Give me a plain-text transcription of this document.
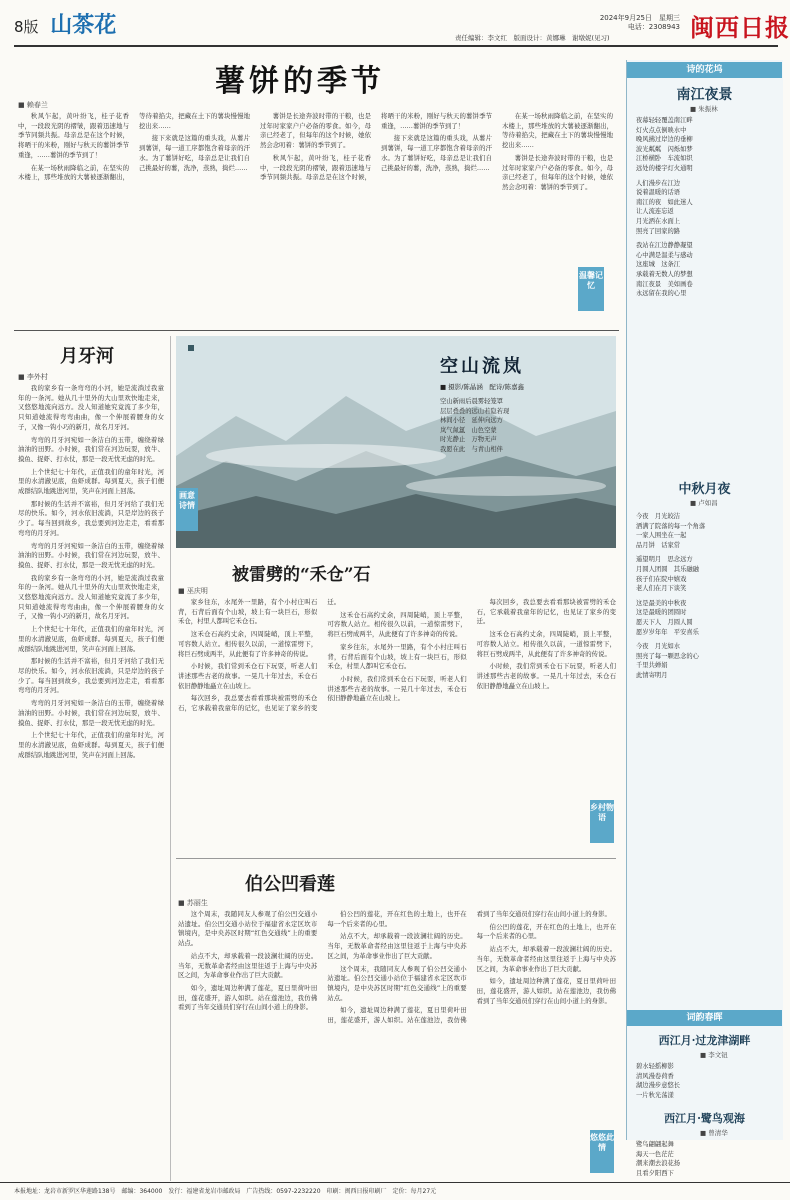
8版 山茶花	2024年9月25日　星期三
电话：2308943
责任编辑：李文红　版面设计：黄娜琳　谢墩妮(见习)	闽西日报
薯饼的季节
■ 赖春兰

秋风乍起，黄叶纷飞，桂子花香中，一段段光阴的褶皱，跟着迅速地与季节同频共振。母亲总是在这个时候，将晒干的米粉，刚好与秋天的薯饼季节重逢，……薯饼的季节到了！

在某一场秋雨降临之前，在坚实的木楼上，那些堆放的大薯被逐渐翻出，等待着掐尖，把藏在土下的薯块慢慢地挖出来……

接下来就是这篇的重头戏，从薯片到薯饼，每一道工序都饱含着母亲的汗水。为了薯饼好吃，母亲总是让我们自己挑最好的薯，洗净，蒸熟，捣烂……

薯饼是长途奔波时带的干粮，也是过年时家家户户必备的零食。如今，母亲已经老了，但每年的这个时候，她依然会念叨着：薯饼的季节到了。

秋风乍起，黄叶纷飞，桂子花香中，一段段光阴的褶皱，跟着迅速地与季节同频共振。母亲总是在这个时候，将晒干的米粉，刚好与秋天的薯饼季节重逢，……薯饼的季节到了！

接下来就是这篇的重头戏，从薯片到薯饼，每一道工序都饱含着母亲的汗水。为了薯饼好吃，母亲总是让我们自己挑最好的薯，洗净，蒸熟，捣烂……

在某一场秋雨降临之前，在坚实的木楼上，那些堆放的大薯被逐渐翻出，等待着掐尖，把藏在土下的薯块慢慢地挖出来……

薯饼是长途奔波时带的干粮，也是过年时家家户户必备的零食。如今，母亲已经老了，但每年的这个时候，她依然会念叨着：薯饼的季节到了。

温馨记忆
月牙河
■ 李外村

我的家乡有一条弯弯的小河，她是流淌过我童年的一条河。她从几十里外的大山里欢快地走来，又悠悠地流向远方。没人知道她究竟流了多少年，只知道她流得弯弯曲曲，像一个伸展着腰身的女子，又像一钩小巧的新月，故名月牙河。

弯弯的月牙河宛如一条洁白的玉带，缠绕着绿油油的田野。小时候，我们常在河边玩耍，放牛、摸鱼、捉虾、打水仗，那是一段无忧无虑的时光。

上个世纪七十年代，正值我们的童年时光，河里的水清澈见底，鱼虾成群。每到夏天，孩子们便成群结队地跳进河里，笑声在河面上回荡。

那时候的生活并不富裕，但月牙河给了我们无尽的快乐。如今，河水依旧流淌，只是岸边的孩子少了。每当回到故乡，我总要到河边走走，看看那弯弯的月牙河。

弯弯的月牙河宛如一条洁白的玉带，缠绕着绿油油的田野。小时候，我们常在河边玩耍，放牛、摸鱼、捉虾、打水仗，那是一段无忧无虑的时光。

我的家乡有一条弯弯的小河，她是流淌过我童年的一条河。她从几十里外的大山里欢快地走来，又悠悠地流向远方。没人知道她究竟流了多少年，只知道她流得弯弯曲曲，像一个伸展着腰身的女子，又像一钩小巧的新月，故名月牙河。

上个世纪七十年代，正值我们的童年时光，河里的水清澈见底，鱼虾成群。每到夏天，孩子们便成群结队地跳进河里，笑声在河面上回荡。

那时候的生活并不富裕，但月牙河给了我们无尽的快乐。如今，河水依旧流淌，只是岸边的孩子少了。每当回到故乡，我总要到河边走走，看看那弯弯的月牙河。

弯弯的月牙河宛如一条洁白的玉带，缠绕着绿油油的田野。小时候，我们常在河边玩耍，放牛、摸鱼、捉虾、打水仗，那是一段无忧无虑的时光。

上个世纪七十年代，正值我们的童年时光，河里的水清澈见底，鱼虾成群。每到夏天，孩子们便成群结队地跳进河里，笑声在河面上回荡。

画意诗情
空山流岚
■ 摄影/陈晶涵　配诗/陈嘉鑫
空山新雨后晨雾轻笼罩
层层叠叠的远山若隐若现
林间小径　延伸向远方
岚气氤氲　山色空蒙
时光静止　万物无声
我愿在此　与青山相伴
被雷劈的“禾仓”石
■ 巫庆明

家乡往东，水尾外一里路，有个小村庄叫石背，石背后面有个山坡，坡上有一块巨石，形似禾仓，村里人都叫它禾仓石。

这禾仓石高约丈余，四周陡峭，顶上平整，可容数人站立。相传很久以前，一道惊雷劈下，将巨石劈成两半，从此便有了许多神奇的传说。

小时候，我们常到禾仓石下玩耍，听老人们讲述那些古老的故事。一晃几十年过去，禾仓石依旧静静地矗立在山坡上。

每次回乡，我总要去看看那块被雷劈的禾仓石，它承载着我童年的记忆，也见证了家乡的变迁。

这禾仓石高约丈余，四周陡峭，顶上平整，可容数人站立。相传很久以前，一道惊雷劈下，将巨石劈成两半，从此便有了许多神奇的传说。

家乡往东，水尾外一里路，有个小村庄叫石背，石背后面有个山坡，坡上有一块巨石，形似禾仓，村里人都叫它禾仓石。

小时候，我们常到禾仓石下玩耍，听老人们讲述那些古老的故事。一晃几十年过去，禾仓石依旧静静地矗立在山坡上。

每次回乡，我总要去看看那块被雷劈的禾仓石，它承载着我童年的记忆，也见证了家乡的变迁。

这禾仓石高约丈余，四周陡峭，顶上平整，可容数人站立。相传很久以前，一道惊雷劈下，将巨石劈成两半，从此便有了许多神奇的传说。

小时候，我们常到禾仓石下玩耍，听老人们讲述那些古老的故事。一晃几十年过去，禾仓石依旧静静地矗立在山坡上。

乡村物语
伯公凹看莲
■ 苏丽生

这个周末，我随同友人参观了伯公凹交通小站遗址。伯公凹交通小站位于福建省永定区坎市镇境内，是中央苏区时期“红色交通线”上的重要站点。

站点不大，却承载着一段波澜壮阔的历史。当年，无数革命者经由这里往返于上海与中央苏区之间，为革命事业作出了巨大贡献。

如今，遗址周边种满了莲花，夏日里荷叶田田，莲花盛开，游人如织。站在莲池边，我仿佛看到了当年交通员们穿行在山间小道上的身影。

伯公凹的莲花，开在红色的土地上，也开在每一个后来者的心里。

站点不大，却承载着一段波澜壮阔的历史。当年，无数革命者经由这里往返于上海与中央苏区之间，为革命事业作出了巨大贡献。

这个周末，我随同友人参观了伯公凹交通小站遗址。伯公凹交通小站位于福建省永定区坎市镇境内，是中央苏区时期“红色交通线”上的重要站点。

如今，遗址周边种满了莲花，夏日里荷叶田田，莲花盛开，游人如织。站在莲池边，我仿佛看到了当年交通员们穿行在山间小道上的身影。

伯公凹的莲花，开在红色的土地上，也开在每一个后来者的心里。

站点不大，却承载着一段波澜壮阔的历史。当年，无数革命者经由这里往返于上海与中央苏区之间，为革命事业作出了巨大贡献。

如今，遗址周边种满了莲花，夏日里荷叶田田，莲花盛开，游人如织。站在莲池边，我仿佛看到了当年交通员们穿行在山间小道上的身影。

悠悠此情
诗的花坞
南江夜景
■ 朱振林
夜幕轻轻覆盖南江畔
灯火点点倒映水中
晚风拂过岸边的垂柳
波光粼粼　闪烁如梦
江桥横卧　车流如织
远处的楼宇灯火通明
人们漫步在江边
说着温暖的话语
南江的夜　如此迷人
让人流连忘返
月光洒在水面上
照亮了回家的路
我站在江边静静凝望
心中满是温柔与感动
这座城　这条江
承载着无数人的梦想
南江夜景　美如画卷
永远留在我的心里
中秋月夜
■ 卢如昌
今夜　月光皎洁
洒满了院落的每一个角落
一家人围坐在一起
品月饼　话家常
遥望明月　思念远方
月圆人团圆　其乐融融
孩子们在院中嬉戏
老人们在月下谈笑
这是最美的中秋夜
这是最暖的团圆时
愿天下人　月圆人圆
愿岁岁年年　平安喜乐
今夜　月光如水
照亮了每一颗思念的心
千里共婵娟
此情寄明月
词韵春晖
西江月·过龙津湖畔
■ 李文钮
碧水轻摇柳影
清风漫卷荷香
湖边漫步意悠长
一片秋光荡漾
西江月·鹭鸟观海
■ 曾清华
鹭鸟翩翩起舞
海天一色茫茫
潮来潮去浪花扬
且看夕阳西下
本报地址：龙岩市新罗区华莲路138号　邮编：364000　发行：福建省龙岩市邮政局　广告热线：0597-2232220　印刷：闽西日报印刷厂　定价：每月27元
